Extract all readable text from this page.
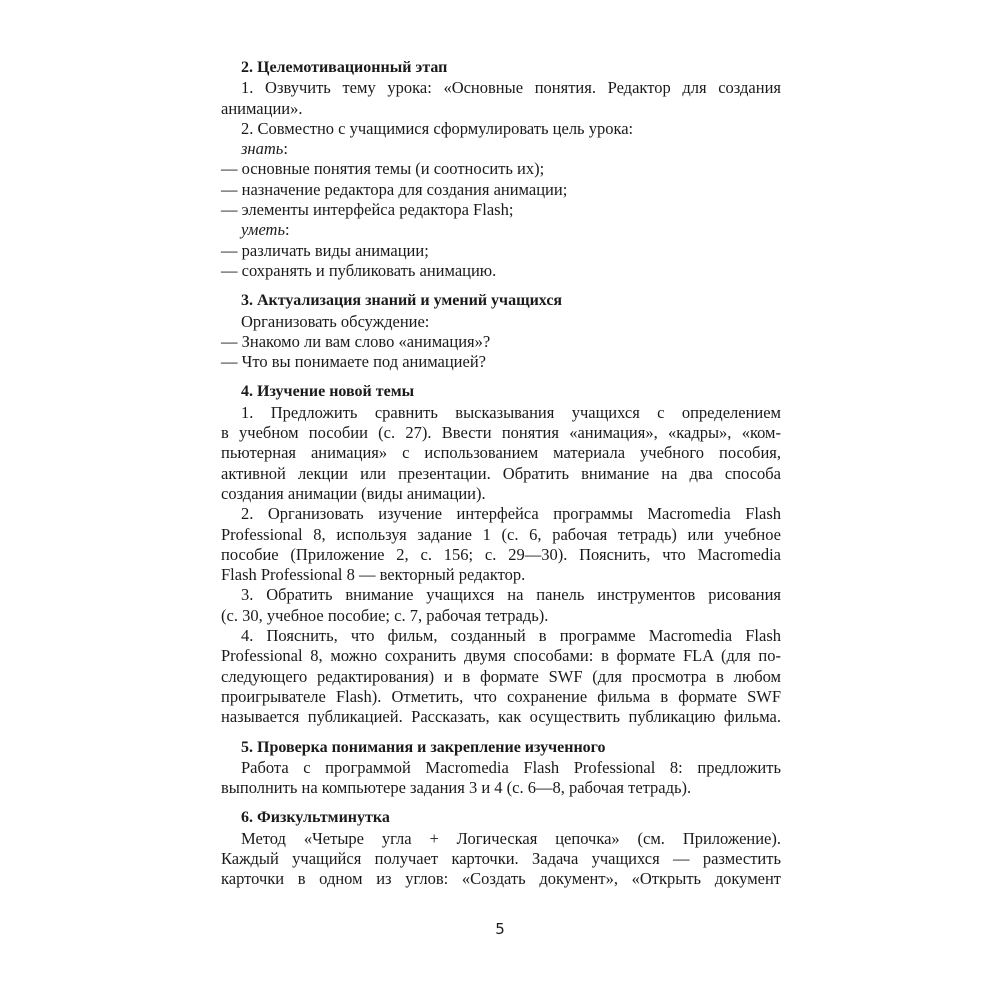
2. Целемотивационный этап
1. Озвучить тему урока: «Основные понятия. Редактор для создания
анимации».
2. Совместно с учащимися сформулировать цель урока:
знать:
— основные понятия темы (и соотносить их);
— назначение редактора для создания анимации;
— элементы интерфейса редактора Flash;
уметь:
— различать виды анимации;
— сохранять и публиковать анимацию.
3. Актуализация знаний и умений учащихся
Организовать обсуждение:
— Знакомо ли вам слово «анимация»?
— Что вы понимаете под анимацией?
4. Изучение новой темы
1. Предложить сравнить высказывания учащихся с определением
в учебном пособии (с. 27). Ввести понятия «анимация», «кадры», «ком-
пьютерная анимация» с использованием материала учебного пособия,
активной лекции или презентации. Обратить внимание на два способа
создания анимации (виды анимации).
2. Организовать изучение интерфейса программы Macromedia Flash
Professional 8, используя задание 1 (с. 6, рабочая тетрадь) или учебное
пособие (Приложение 2, с. 156; с. 29—30). Пояснить, что Macromedia
Flash Professional 8 — векторный редактор.
3. Обратить внимание учащихся на панель инструментов рисования
(с. 30, учебное пособие; с. 7, рабочая тетрадь).
4. Пояснить, что фильм, созданный в программе Macromedia Flash
Professional 8, можно сохранить двумя способами: в формате FLA (для по-
следующего редактирования) и в формате SWF (для просмотра в любом
проигрывателе Flash). Отметить, что сохранение фильма в формате SWF
называется публикацией. Рассказать, как осуществить публикацию фильма.
5. Проверка понимания и закрепление изученного
Работа с программой Macromedia Flash Professional 8: предложить
выполнить на компьютере задания 3 и 4 (с. 6—8, рабочая тетрадь).
6. Физкультминутка
Метод «Четыре угла + Логическая цепочка» (см. Приложение).
Каждый учащийся получает карточки. Задача учащихся — разместить
карточки в одном из углов: «Создать документ», «Открыть документ
5
